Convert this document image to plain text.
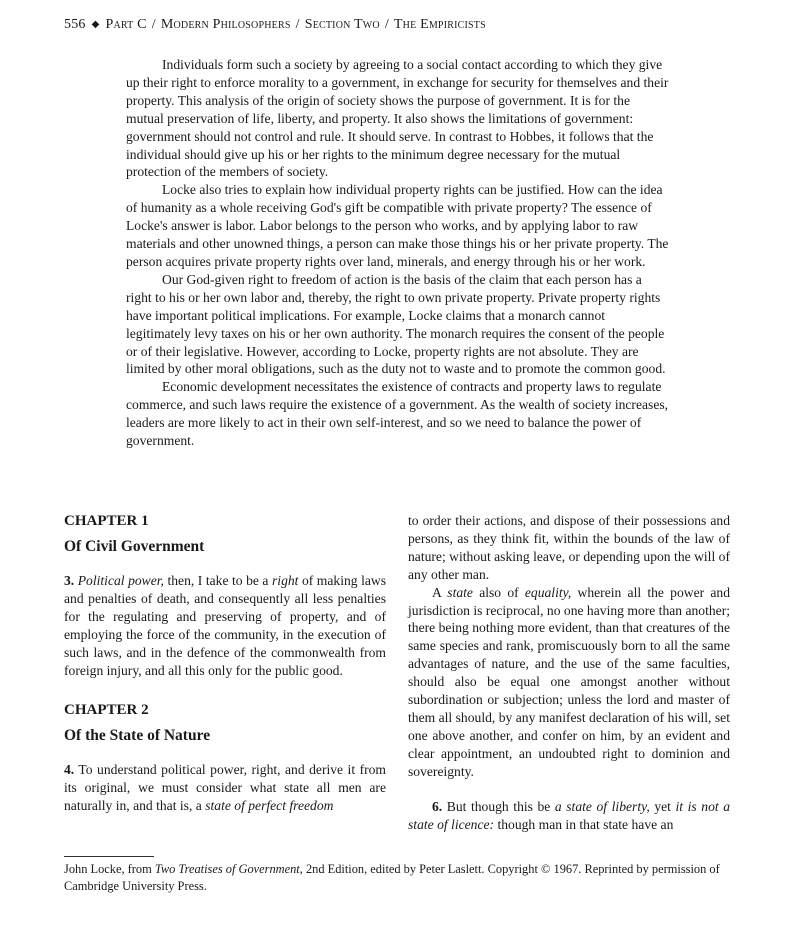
556 ◆ Part C / Modern Philosophers / Section Two / The Empiricists

Individuals form such a society by agreeing to a social contact according to which they give up their right to enforce morality to a government, in exchange for security for themselves and their property. This analysis of the origin of society shows the purpose of government. It is for the mutual preservation of life, liberty, and property. It also shows the limitations of government: government should not control and rule. It should serve. In contrast to Hobbes, it follows that the individual should give up his or her rights to the minimum degree necessary for the mutual protection of the members of society.

Locke also tries to explain how individual property rights can be justified. How can the idea of humanity as a whole receiving God's gift be compatible with private property? The essence of Locke's answer is labor. Labor belongs to the person who works, and by applying labor to raw materials and other unowned things, a person can make those things his or her private property. The person acquires private property rights over land, minerals, and energy through his or her work.

Our God-given right to freedom of action is the basis of the claim that each person has a right to his or her own labor and, thereby, the right to own private property. Private property rights have important political implications. For example, Locke claims that a monarch cannot legitimately levy taxes on his or her own authority. The monarch requires the consent of the people or of their legislative. However, according to Locke, property rights are not absolute. They are limited by other moral obligations, such as the duty not to waste and to promote the common good.

Economic development necessitates the existence of contracts and property laws to regulate commerce, and such laws require the existence of a government. As the wealth of society increases, leaders are more likely to act in their own self-interest, and so we need to balance the power of government.

CHAPTER 1
Of Civil Government

3. Political power, then, I take to be a right of making laws and penalties of death, and consequently all less penalties for the regulating and preserving of property, and of employing the force of the community, in the execution of such laws, and in the defence of the commonwealth from foreign injury, and all this only for the public good.

CHAPTER 2
Of the State of Nature

4. To understand political power, right, and derive it from its original, we must consider what state all men are naturally in, and that is, a state of perfect freedom

to order their actions, and dispose of their possessions and persons, as they think fit, within the bounds of the law of nature; without asking leave, or depending upon the will of any other man.

A state also of equality, wherein all the power and jurisdiction is reciprocal, no one having more than another; there being nothing more evident, than that creatures of the same species and rank, promiscuously born to all the same advantages of nature, and the use of the same faculties, should also be equal one amongst another without subordination or subjection; unless the lord and master of them all should, by any manifest declaration of his will, set one above another, and confer on him, by an evident and clear appointment, an undoubted right to dominion and sovereignty.

6. But though this be a state of liberty, yet it is not a state of licence: though man in that state have an

John Locke, from Two Treatises of Government, 2nd Edition, edited by Peter Laslett. Copyright © 1967. Reprinted by permission of Cambridge University Press.
